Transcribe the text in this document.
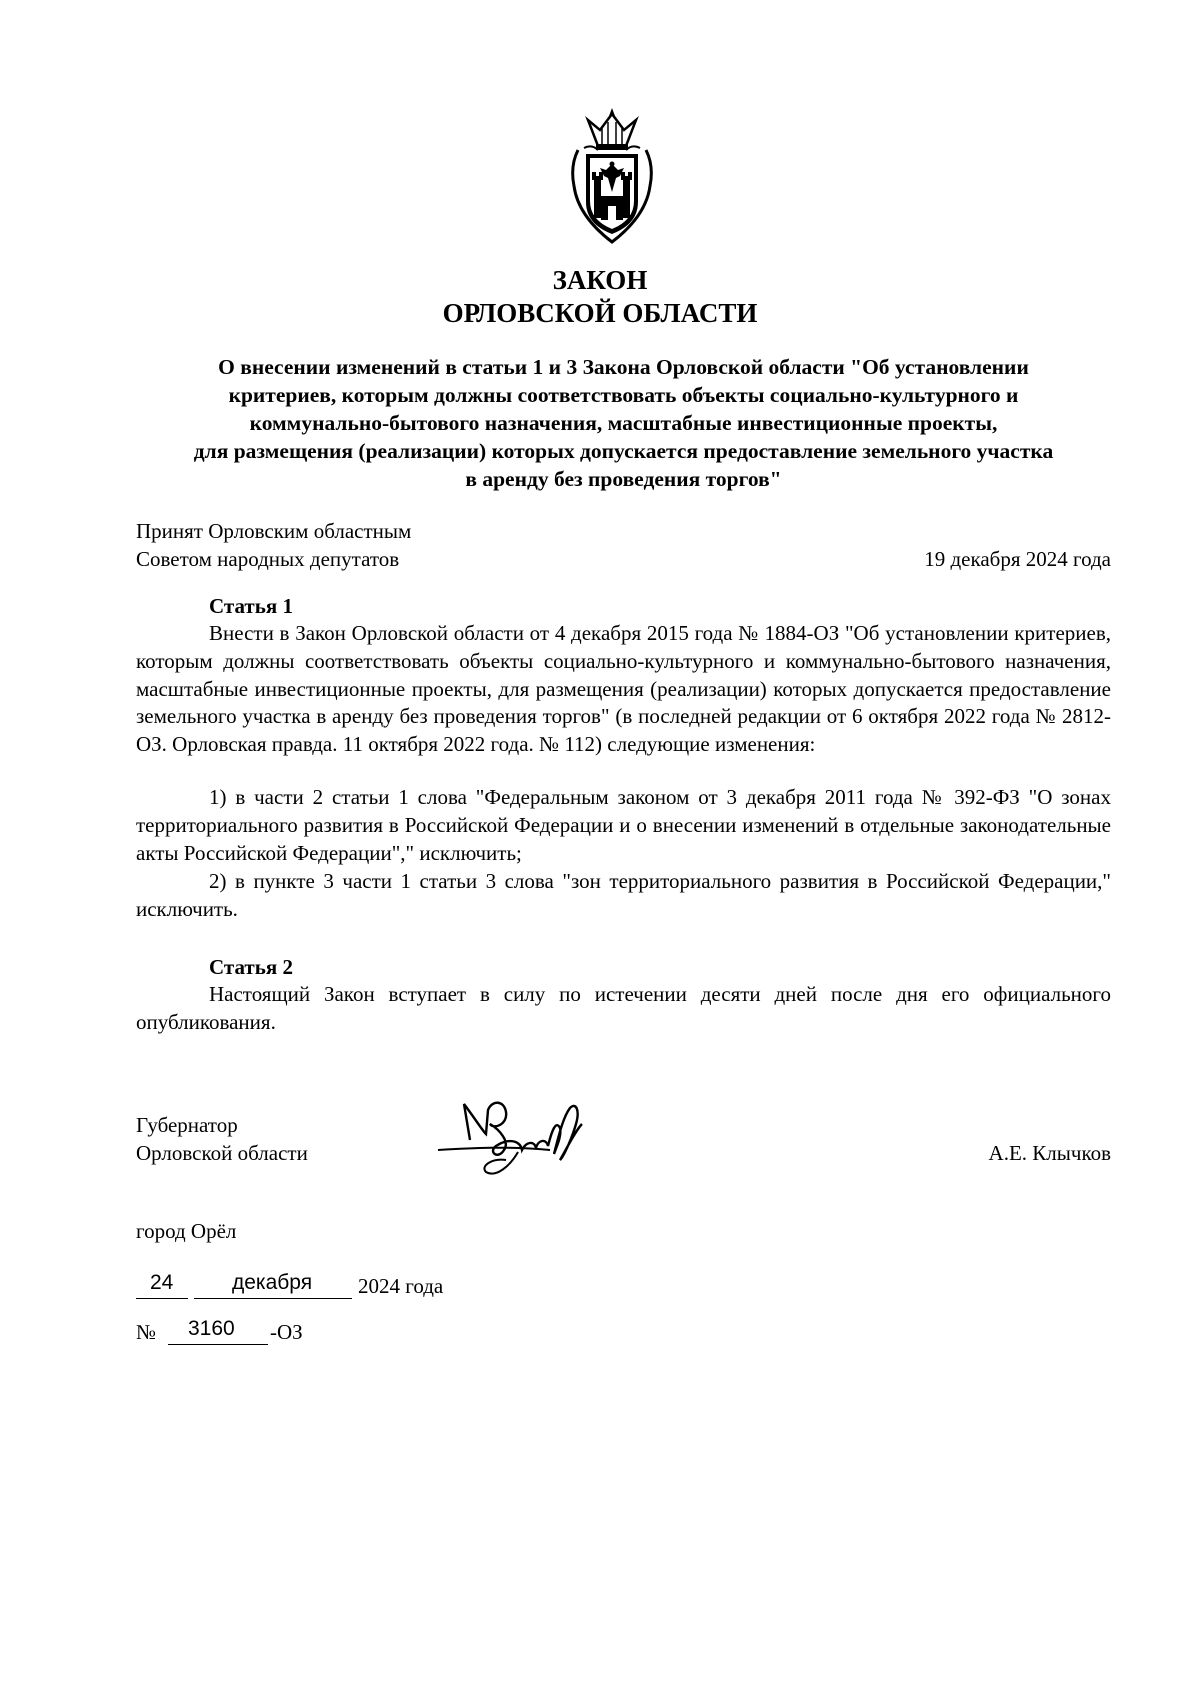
ЗАКОН
ОРЛОВСКОЙ ОБЛАСТИ
О внесении изменений в статьи 1 и 3 Закона Орловской области "Об установлении
критериев, которым должны соответствовать объекты социально-культурного и
коммунально-бытового назначения, масштабные инвестиционные проекты,
для размещения (реализации) которых допускается предоставление земельного участка
в аренду без проведения торгов"
Принят Орловским областным
Советом народных депутатов	19 декабря 2024 года
Статья 1
Внести в Закон Орловской области от 4 декабря 2015 года № 1884-ОЗ "Об установлении критериев, которым должны соответствовать объекты социально-культурного и коммунально-бытового назначения, масштабные инвестиционные проекты, для размещения (реализации) которых допускается предоставление земельного участка в аренду без проведения торгов" (в последней редакции от 6 октября 2022 года № 2812-ОЗ. Орловская правда. 11 октября 2022 года. № 112) следующие изменения:
1) в части 2 статьи 1 слова "Федеральным законом от 3 декабря 2011 года № 392-ФЗ "О зонах территориального развития в Российской Федерации и о внесении изменений в отдельные законодательные акты Российской Федерации"," исключить;
2) в пункте 3 части 1 статьи 3 слова "зон территориального развития в Российской Федерации," исключить.
Статья 2
Настоящий Закон вступает в силу по истечении десяти дней после дня его официального опубликования.
Губернатор
Орловской области	А.Е. Клычков
город Орёл
24	декабря 2024 года
№ 3160 -ОЗ
